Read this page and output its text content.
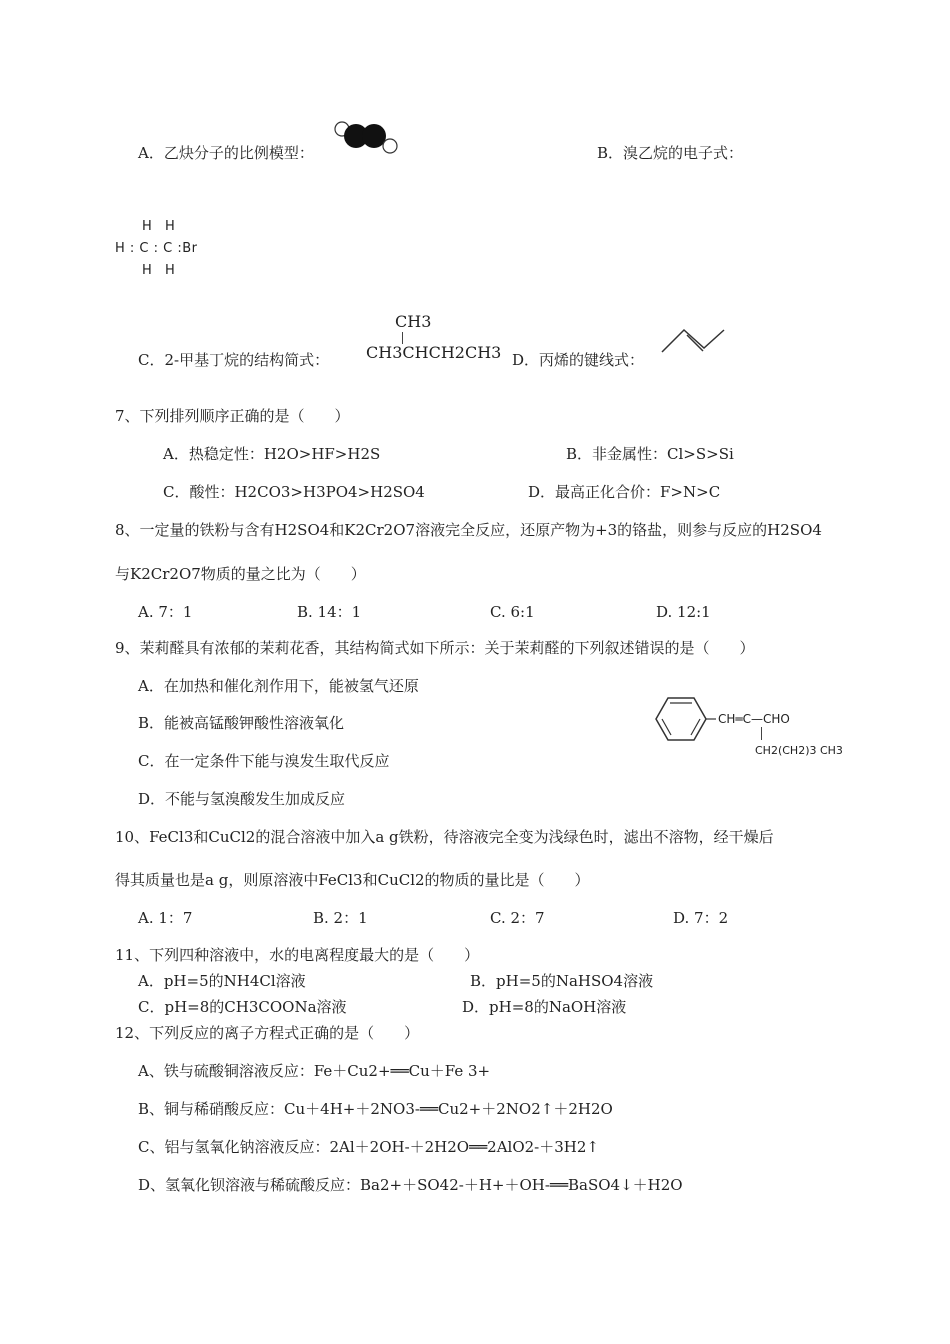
A．乙炔分子的比例模型：	B．溴乙烷的电子式：
H H
H : C : C :Br
H H
C．2-甲基丁烷的结构简式：
CH3
CH3CHCH2CH3 D．丙烯的键线式：
7、下列排列顺序正确的是（　　）
A．热稳定性：H2O>HF>H2S	B．非金属性：Cl>S>Si
C．酸性：H2CO3>H3PO4>H2SO4	D．最高正化合价：F>N>C
8、一定量的铁粉与含有H2SO4和K2Cr2O7溶液完全反应，还原产物为+3的铬盐，则参与反应的H2SO4
与K2Cr2O7物质的量之比为（　　）
A. 7：1	B. 14：1	C. 6:1	D. 12:1
9、茉莉醛具有浓郁的茉莉花香，其结构简式如下所示：关于茉莉醛的下列叙述错误的是（　　）
A．在加热和催化剂作用下，能被氢气还原
B．能被高锰酸钾酸性溶液氧化
C．在一定条件下能与溴发生取代反应
D．不能与氢溴酸发生加成反应
CH═C—CHO
CH2(CH2)3 CH3
10、FeCl3和CuCl2的混合溶液中加入a g铁粉，待溶液完全变为浅绿色时，滤出不溶物，经干燥后
得其质量也是a g，则原溶液中FeCl3和CuCl2的物质的量比是（　　）
A. 1：7	B. 2：1	C. 2：7	D. 7：2
11、下列四种溶液中，水的电离程度最大的是（　　）
A．pH=5的NH4Cl溶液	B．pH=5的NaHSO4溶液
C．pH=8的CH3COONa溶液	D．pH=8的NaOH溶液
12、下列反应的离子方程式正确的是（　　）
A、铁与硫酸铜溶液反应：Fe＋Cu2+══Cu＋Fe 3+
B、铜与稀硝酸反应：Cu＋4H+＋2NO3-══Cu2+＋2NO2↑＋2H2O
C、铝与氢氧化钠溶液反应：2Al＋2OH-＋2H2O══2AlO2-＋3H2↑
D、氢氧化钡溶液与稀硫酸反应：Ba2+＋SO42-＋H+＋OH-══BaSO4↓＋H2O
